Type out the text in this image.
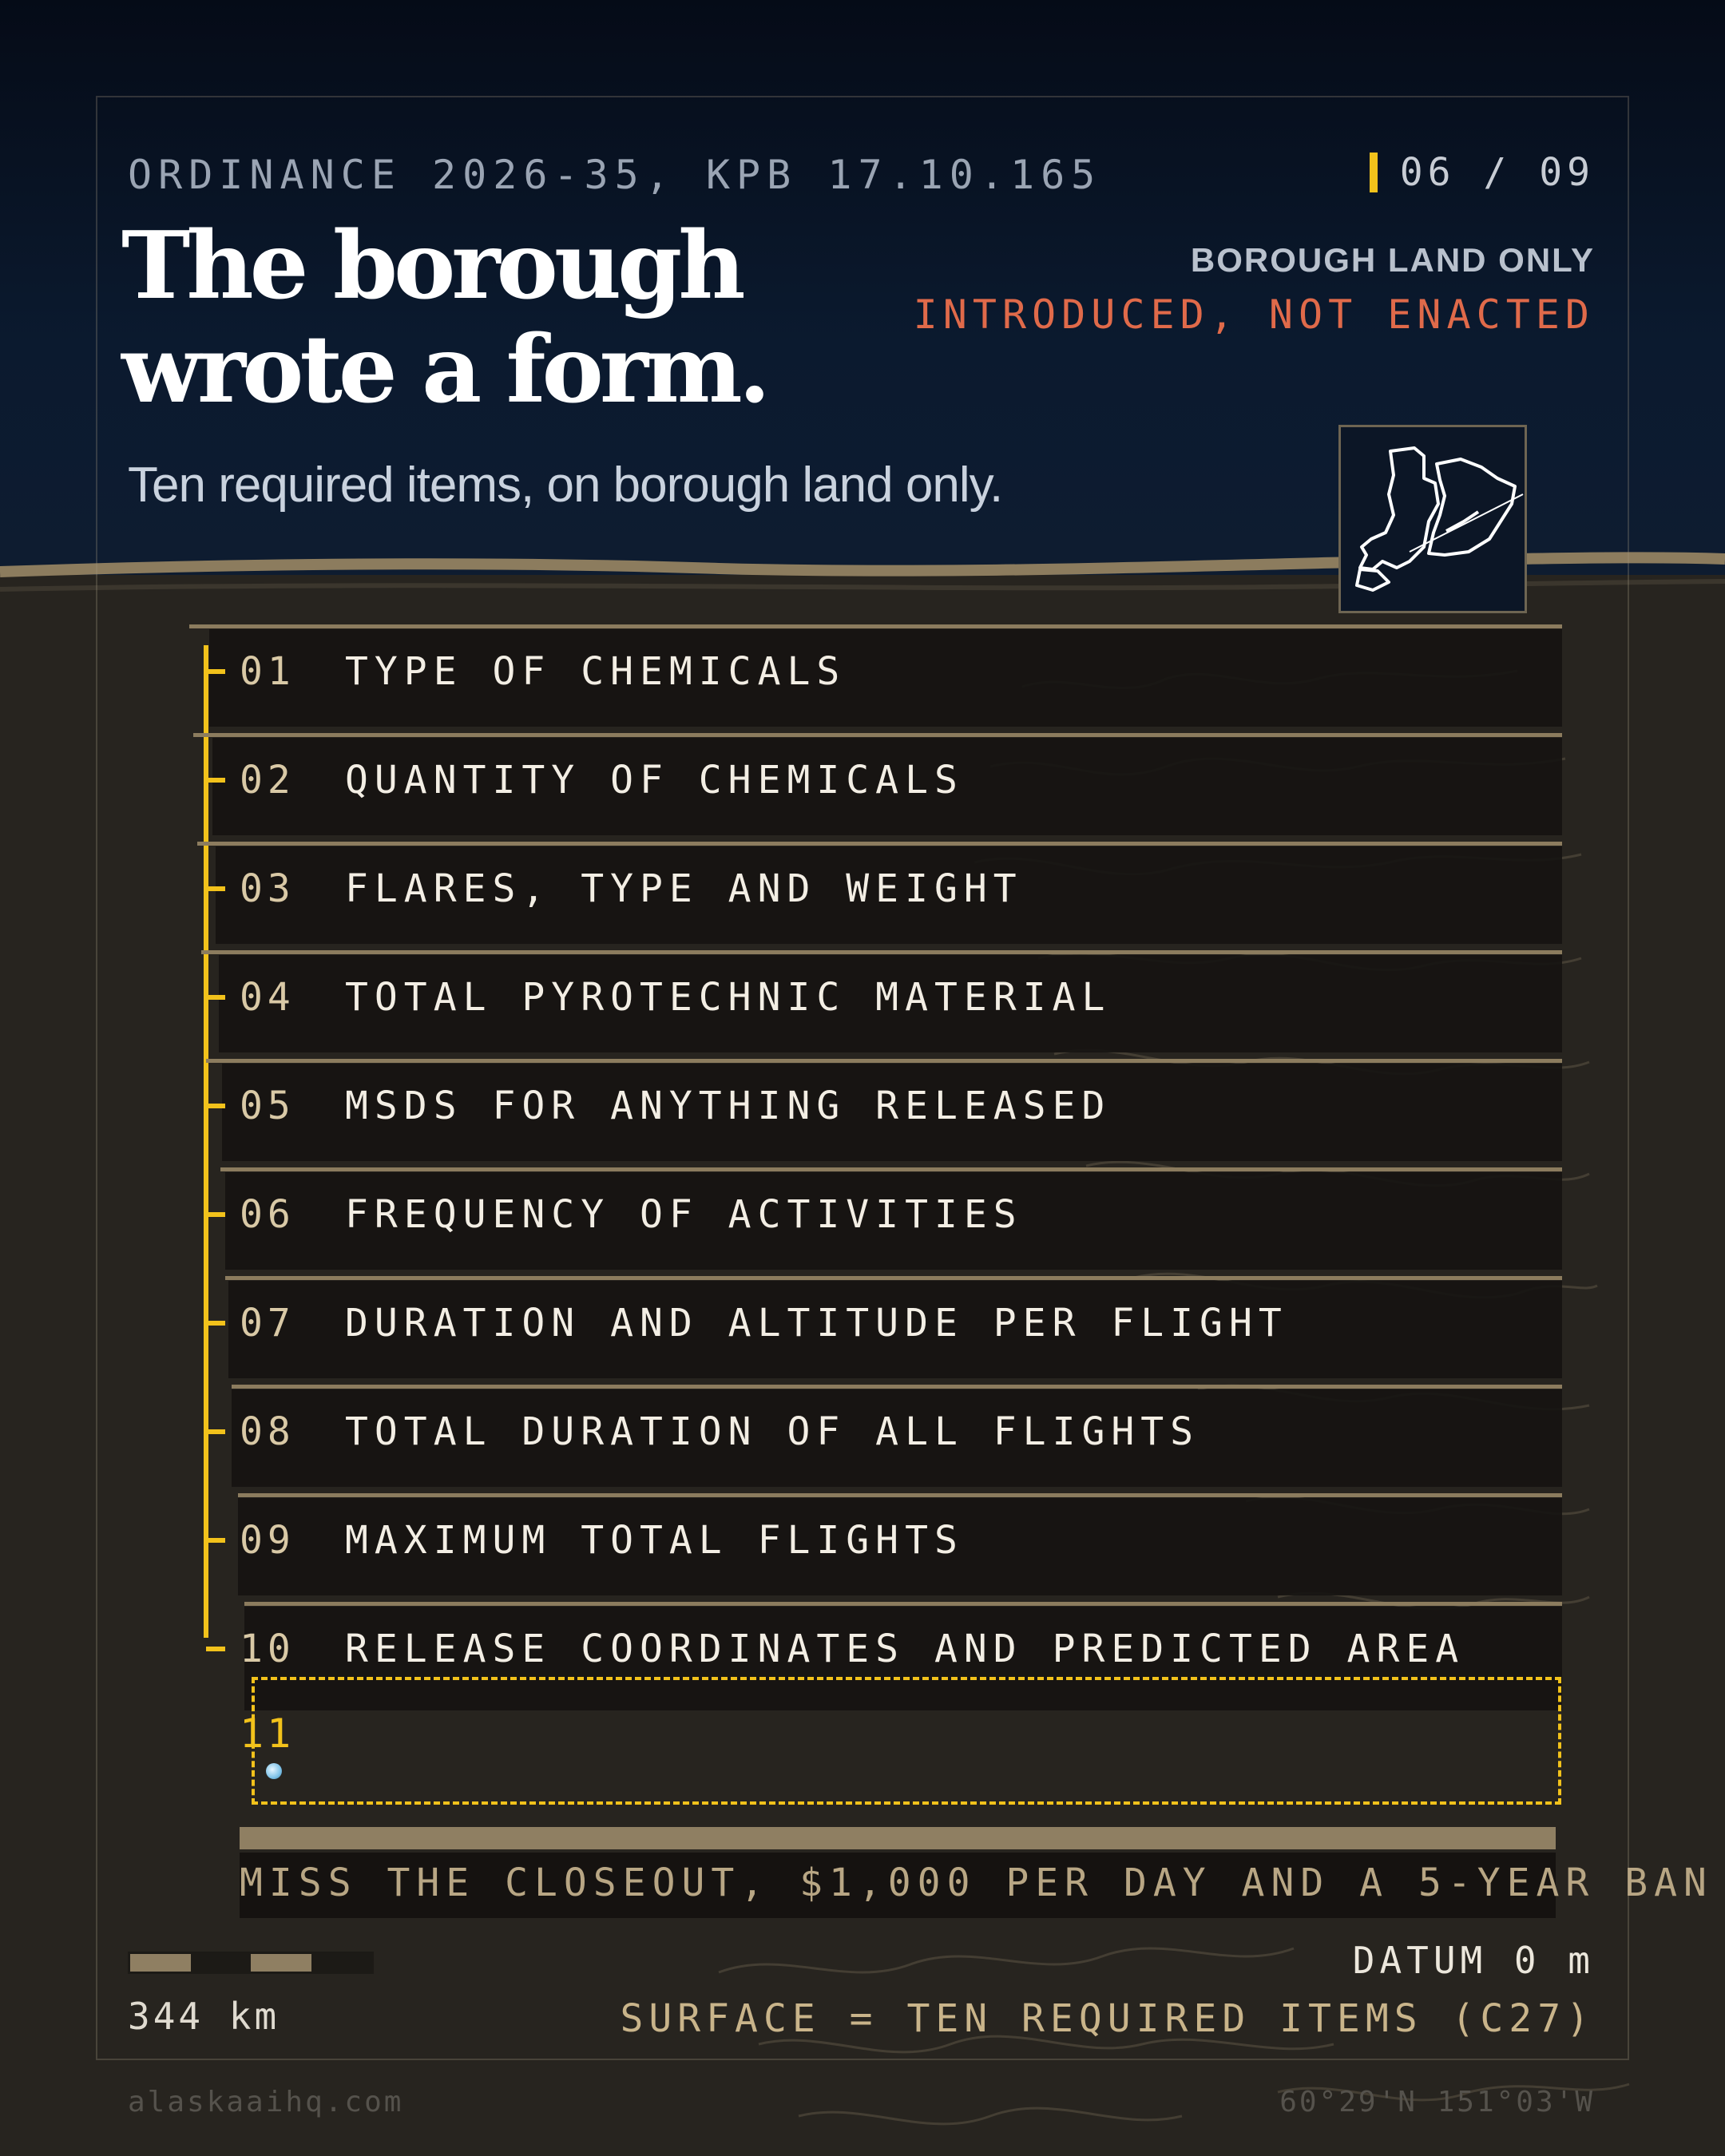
ORDINANCE 2026-35, KPB 17.10.165	06 / 09
The borough
wrote a form.
BOROUGH LAND ONLY
INTRODUCED, NOT ENACTED
Ten required items, on borough land only.
01 TYPE OF CHEMICALS
02 QUANTITY OF CHEMICALS
03 FLARES, TYPE AND WEIGHT
04 TOTAL PYROTECHNIC MATERIAL
05 MSDS FOR ANYTHING RELEASED
06 FREQUENCY OF ACTIVITIES
07 DURATION AND ALTITUDE PER FLIGHT
08 TOTAL DURATION OF ALL FLIGHTS
09 MAXIMUM TOTAL FLIGHTS
10 RELEASE COORDINATES AND PREDICTED AREA
11
MISS THE CLOSEOUT, $1,000 PER DAY AND A 5-YEAR BAN
344 km
DATUM 0 m
SURFACE = TEN REQUIRED ITEMS (C27)
alaskaaihq.com	60°29'N 151°03'W
